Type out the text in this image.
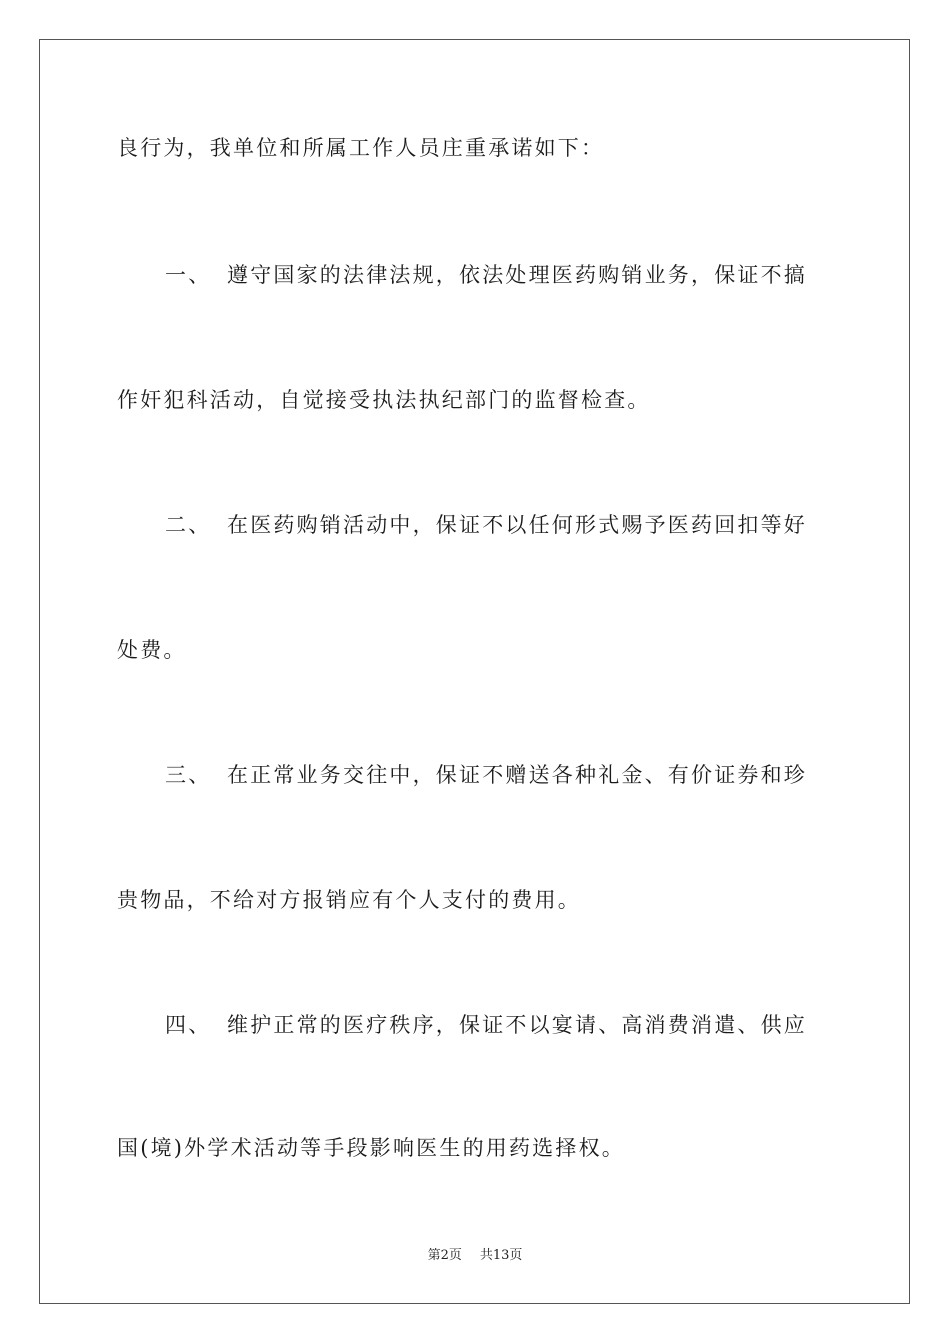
良行为，我单位和所属工作人员庄重承诺如下：
一、 遵守国家的法律法规，依法处理医药购销业务，保证不搞
作奸犯科活动，自觉接受执法执纪部门的监督检查。
二、 在医药购销活动中，保证不以任何形式赐予医药回扣等好
处费。
三、 在正常业务交往中，保证不赠送各种礼金、有价证券和珍
贵物品，不给对方报销应有个人支付的费用。
四、 维护正常的医疗秩序，保证不以宴请、高消费消遣、供应
国(境)外学术活动等手段影响医生的用药选择权。
第2页 共13页
